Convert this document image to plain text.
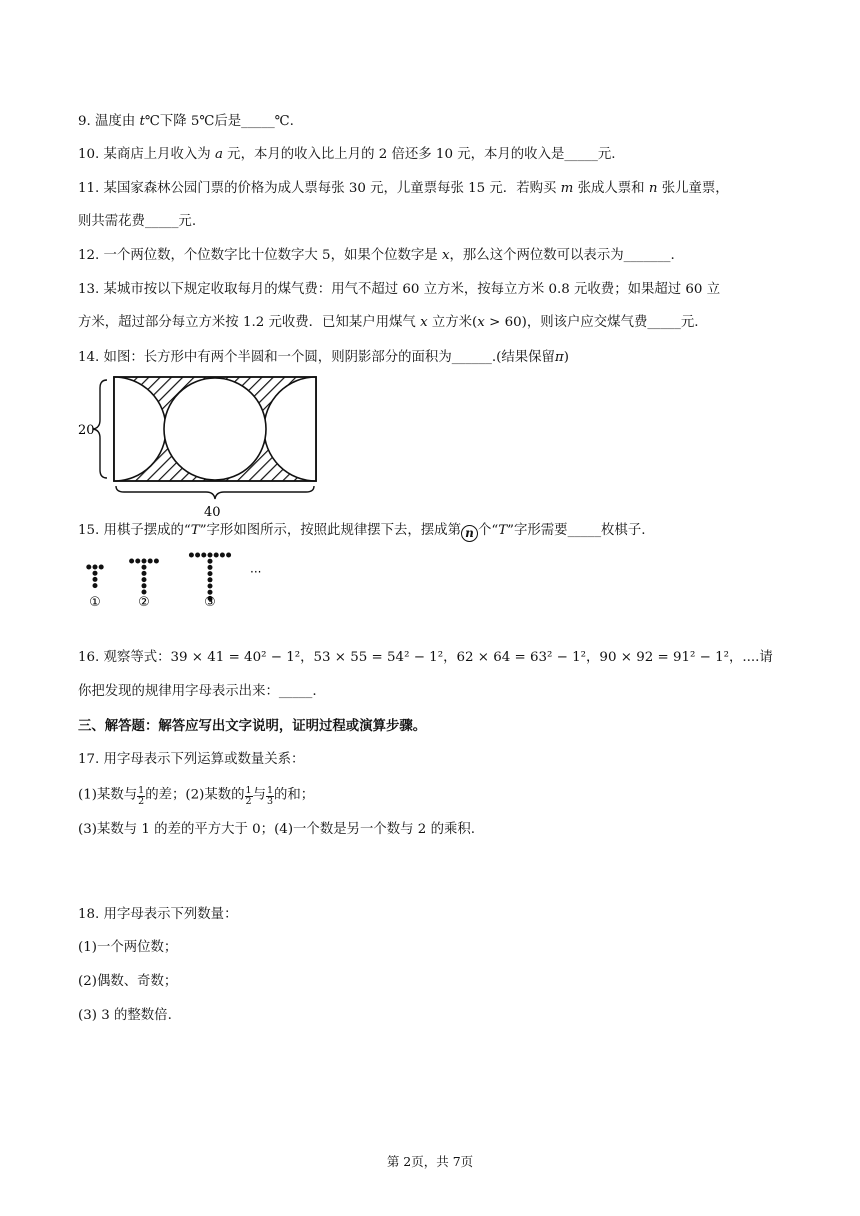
9. 温度由 𝑡℃下降 5℃后是_____℃.
10. 某商店上月收入为 𝑎 元，本月的收入比上月的 2 倍还多 10 元，本月的收入是_____元.
11. 某国家森林公园门票的价格为成人票每张 30 元，儿童票每张 15 元．若购买 𝑚 张成人票和 𝑛 张儿童票，
则共需花费_____元.
12. 一个两位数，个位数字比十位数字大 5，如果个位数字是 𝑥，那么这个两位数可以表示为_______.
13. 某城市按以下规定收取每月的煤气费：用气不超过 60 立方米，按每立方米 0.8 元收费；如果超过 60 立
方米，超过部分每立方米按 1.2 元收费．已知某户用煤气 𝑥 立方米(𝑥 > 60)，则该户应交煤气费_____元.
14. 如图：长方形中有两个半圆和一个圆，则阴影部分的面积为______.(结果保留π)
20
40
15. 用棋子摆成的“𝑇”字形如图所示，按照此规律摆下去，摆成第 n 个“𝑇”字形需要_____枚棋子.
①	②	③
···
16. 观察等式：39 × 41 = 40² − 1²，53 × 55 = 54² − 1²，62 × 64 = 63² − 1²，90 × 92 = 91² − 1²，....请
你把发现的规律用字母表示出来：_____.
三、解答题：解答应写出文字说明，证明过程或演算步骤。
17. 用字母表示下列运算或数量关系：
(1)某数与 $\frac{1}{2}$ 的差；(2)某数的 $\frac{1}{2}$ 与 $\frac{1}{3}$ 的和；
(3)某数与 1 的差的平方大于 0；(4)一个数是另一个数与 2 的乘积.
18. 用字母表示下列数量：
(1)一个两位数；
(2)偶数、奇数；
(3) 3 的整数倍.
第 2页，共 7页
